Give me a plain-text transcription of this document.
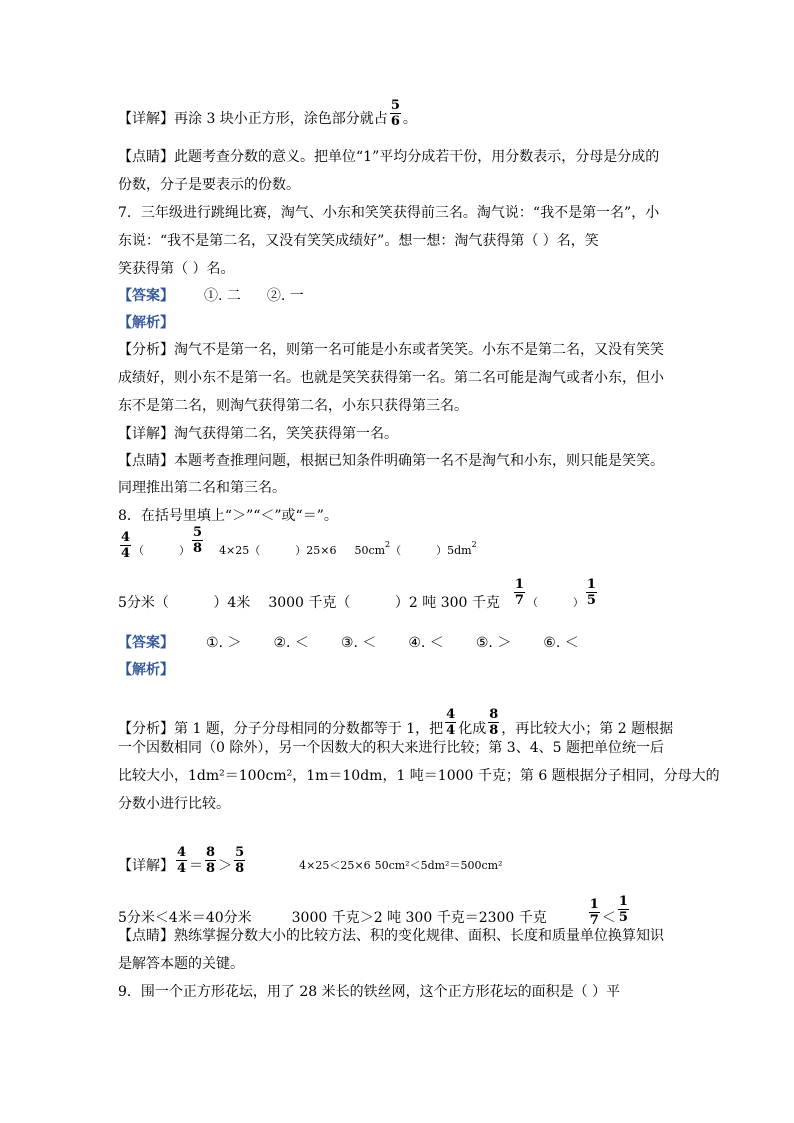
【详解】 再涂 3 块小正方形，涂色部分就占 $\frac{5}{6}$ 。
【点睛】此题考查分数的意义。把单位“1”平均分成若干份，用分数表示，分母是分成的
份数，分子是要表示的份数。
7．三年级进行跳绳比赛，淘气、小东和笑笑获得前三名。淘气说：“我不是第一名”，小
东说：“我不是第二名，又没有笑笑成绩好”。想一想：淘气获得第（ ）名，笑
笑获得第（ ）名。
【答案】 ①. 二 ②. 一
【解析】
【分析】淘气不是第一名，则第一名可能是小东或者笑笑。小东不是第二名，又没有笑笑
成绩好，则小东不是第一名。也就是笑笑获得第一名。第二名可能是淘气或者小东，但小
东不是第二名，则淘气获得第二名，小东只获得第三名。
【详解】淘气获得第二名，笑笑获得第一名。
【点睛】本题考查推理问题，根据已知条件明确第一名不是淘气和小东，则只能是笑笑。
同理推出第二名和第三名。
8．在括号里填上“＞”“＜”或“＝”。
$\frac{4}{4}$ （          ） $\frac{5}{8} 4\times 25$（          ）25×6 50cm 2 （          ）5dm 2
5分米（          ）4米 3000 千克（          ）2 吨 300 千克 $\frac{1}{7}$ （          ） $\frac{1}{5}$
【答案】 ①. ＞ ②. ＜ ③. ＜ ④. ＜ ⑤. ＞ ⑥. ＜
【解析】
【分析】 第 1 题，分子分母相同的分数都等于 1，把 $\frac{4}{4}$ 化成 $\frac{8}{8}$ ，再比较大小；第 2 题根据
一个因数相同（0 除外），另一个因数大的积大来进行比较；第 3、4、5 题把单位统一后
比较大小，1dm²＝100cm²，1m＝10dm，1 吨＝1000 千克；第 6 题根据分子相同，分母大的
分数小进行比较。
【详解】 $\frac{4}{4} = \frac{8}{8} > \frac{5}{8}$	4×25＜25×6 50cm²＜5dm²＝500cm²
5分米＜4米＝40分米	3000 千克＞2 吨 300 千克＝2300 千克	$\frac{1}{7} < \frac{1}{5}$
【点睛】熟练掌握分数大小的比较方法、积的变化规律、面积、长度和质量单位换算知识
是解答本题的关键。
9．围一个正方形花坛，用了 28 米长的铁丝网，这个正方形花坛的面积是（ ）平
